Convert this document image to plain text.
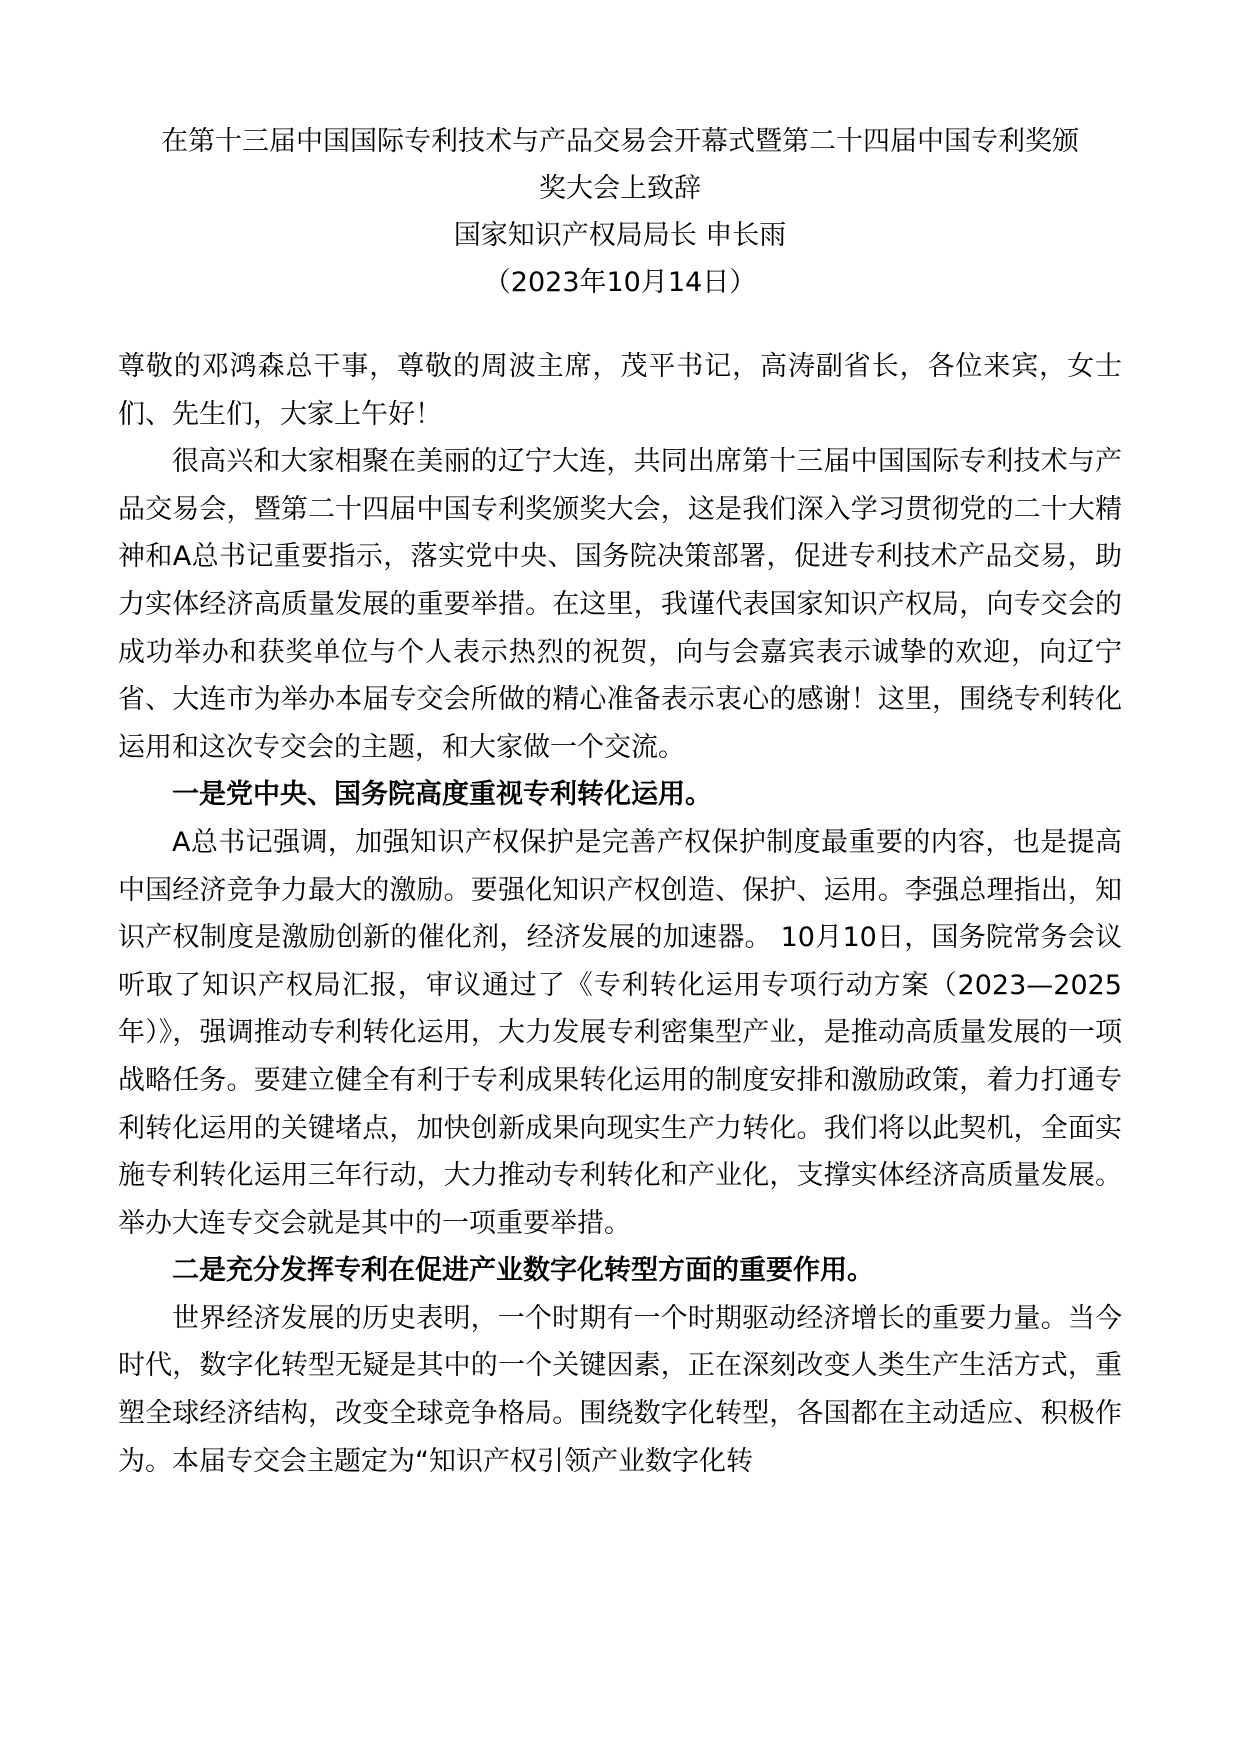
在第十三届中国国际专利技术与产品交易会开幕式暨第二十四届中国专利奖颁
奖大会上致辞
国家知识产权局局长 申长雨
（2023年10月14日）

尊敬的邓鸿森总干事，尊敬的周波主席，茂平书记，高涛副省长，各位来宾，女士们、先生们，大家上午好！

很高兴和大家相聚在美丽的辽宁大连，共同出席第十三届中国国际专利技术与产品交易会，暨第二十四届中国专利奖颁奖大会，这是我们深入学习贯彻党的二十大精神和A总书记重要指示，落实党中央、国务院决策部署，促进专利技术产品交易，助力实体经济高质量发展的重要举措。在这里，我谨代表国家知识产权局，向专交会的成功举办和获奖单位与个人表示热烈的祝贺，向与会嘉宾表示诚挚的欢迎，向辽宁省、大连市为举办本届专交会所做的精心准备表示衷心的感谢！这里，围绕专利转化运用和这次专交会的主题，和大家做一个交流。

一是党中央、国务院高度重视专利转化运用。

A总书记强调，加强知识产权保护是完善产权保护制度最重要的内容，也是提高中国经济竞争力最大的激励。要强化知识产权创造、保护、运用。李强总理指出，知识产权制度是激励创新的催化剂，经济发展的加速器。 10月10日，国务院常务会议听取了知识产权局汇报，审议通过了《专利转化运用专项行动方案（2023—2025年）》，强调推动专利转化运用，大力发展专利密集型产业，是推动高质量发展的一项战略任务。要建立健全有利于专利成果转化运用的制度安排和激励政策，着力打通专利转化运用的关键堵点，加快创新成果向现实生产力转化。我们将以此契机，全面实施专利转化运用三年行动，大力推动专利转化和产业化，支撑实体经济高质量发展。举办大连专交会就是其中的一项重要举措。

二是充分发挥专利在促进产业数字化转型方面的重要作用。

世界经济发展的历史表明，一个时期有一个时期驱动经济增长的重要力量。当今时代，数字化转型无疑是其中的一个关键因素，正在深刻改变人类生产生活方式，重塑全球经济结构，改变全球竞争格局。围绕数字化转型，各国都在主动适应、积极作为。本届专交会主题定为“知识产权引领产业数字化转
